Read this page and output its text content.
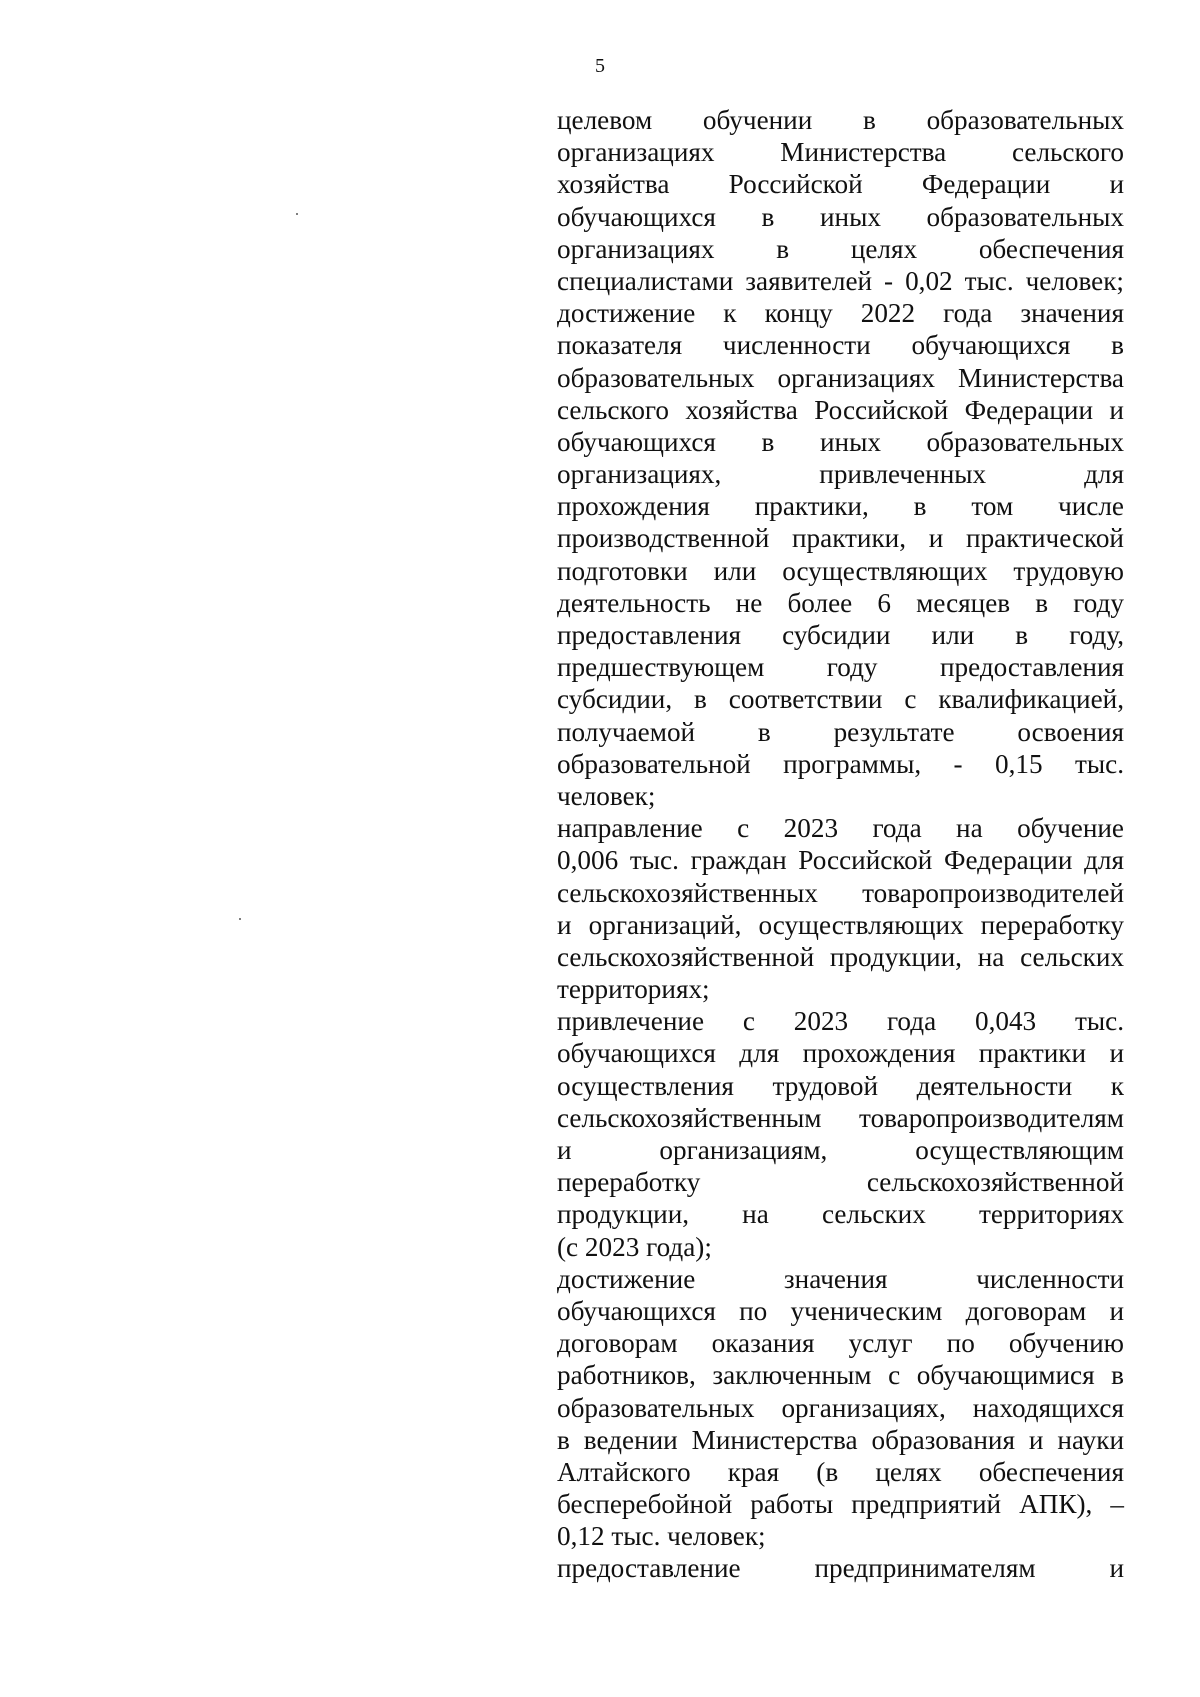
5
целевом обучении в образовательных
организациях Министерства сельского
хозяйства Российской Федерации и
обучающихся в иных образовательных
организациях в целях обеспечения
специалистами заявителей - 0,02 тыс. человек;
достижение к концу 2022 года значения
показателя численности обучающихся в
образовательных организациях Министерства
сельского хозяйства Российской Федерации и
обучающихся в иных образовательных
организациях, привлеченных для
прохождения практики, в том числе
производственной практики, и практической
подготовки или осуществляющих трудовую
деятельность не более 6 месяцев в году
предоставления субсидии или в году,
предшествующем году предоставления
субсидии, в соответствии с квалификацией,
получаемой в результате освоения
образовательной программы, - 0,15 тыс.
человек;
направление с 2023 года на обучение
0,006 тыс. граждан Российской Федерации для
сельскохозяйственных товаропроизводителей
и организаций, осуществляющих переработку
сельскохозяйственной продукции, на сельских
территориях;
привлечение с 2023 года 0,043 тыс.
обучающихся для прохождения практики и
осуществления трудовой деятельности к
сельскохозяйственным товаропроизводителям
и организациям, осуществляющим
переработку сельскохозяйственной
продукции, на сельских территориях
(с 2023 года);
достижение значения численности
обучающихся по ученическим договорам и
договорам оказания услуг по обучению
работников, заключенным с обучающимися в
образовательных организациях, находящихся
в ведении Министерства образования и науки
Алтайского края (в целях обеспечения
бесперебойной работы предприятий АПК), –
0,12 тыс. человек;
предоставление предпринимателям и
